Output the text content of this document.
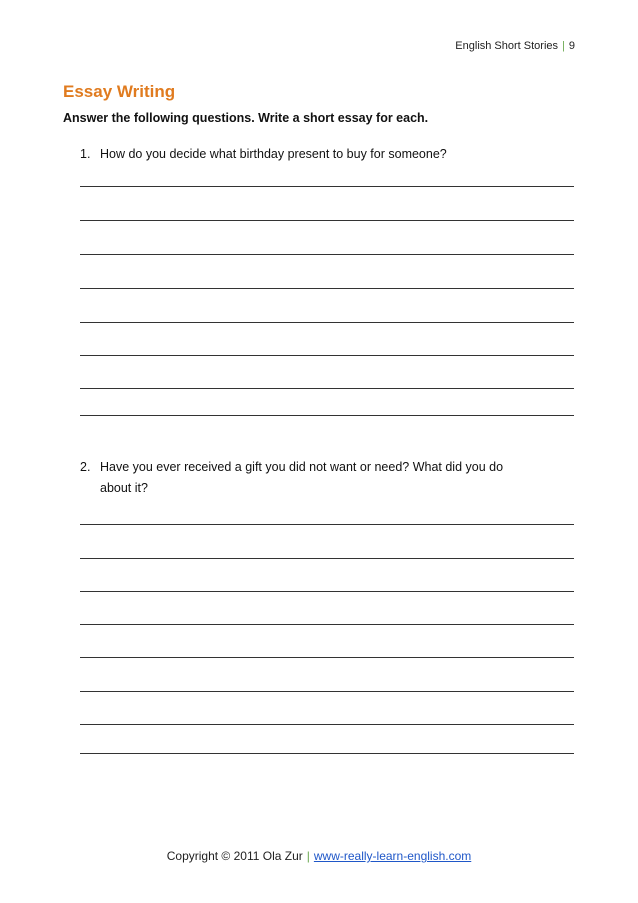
English Short Stories | 9
Essay Writing
Answer the following questions. Write a short essay for each.
1. How do you decide what birthday present to buy for someone?
2. Have you ever received a gift you did not want or need? What did you do
about it?
Copyright © 2011 Ola Zur | www-really-learn-english.com
